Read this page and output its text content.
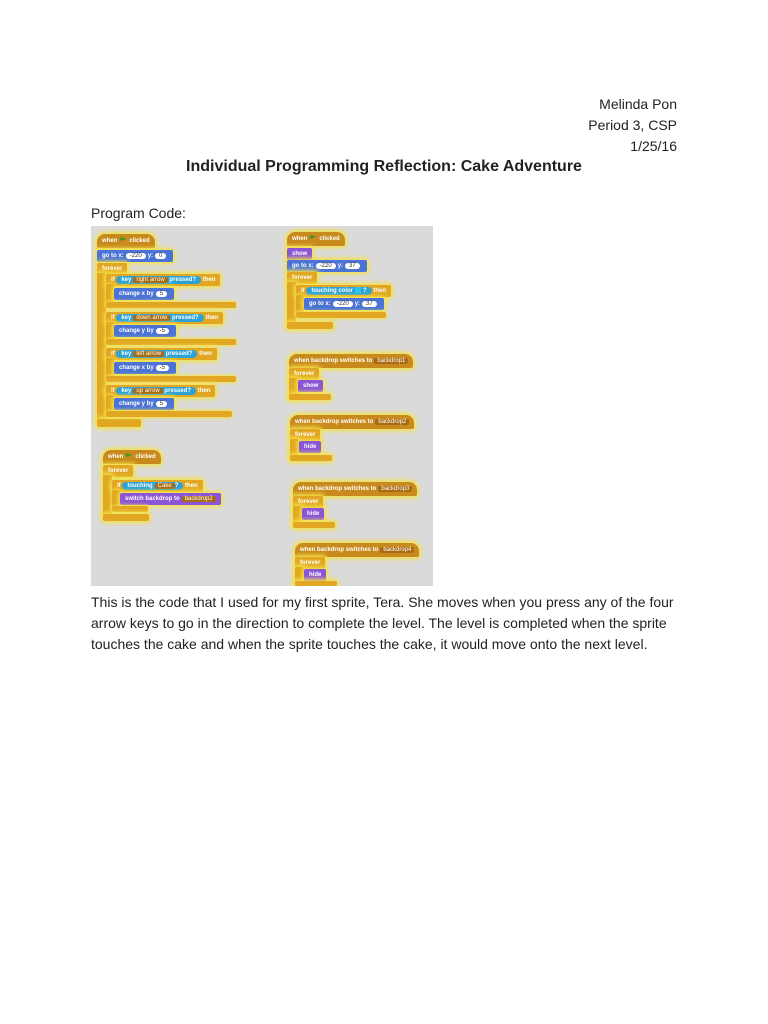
Melinda Pon
Period 3, CSP
1/25/16
Individual Programming Reflection: Cake Adventure
Program Code:
when clicked
go to x: -220 y: 0
forever
if key right arrow pressed? then
change x by 5
if key down arrow pressed? then
change y by -5
if key left arrow pressed? then
change x by -5
if key up arrow pressed? then
change y by 5
when clicked
forever
if touching Cake ? then
switch backdrop to backdrop2
when clicked
show
go to x: -220 y: 37
forever
if touching color ? then
go to x: -220 y: 37
when backdrop switches to backdrop1
forever
show
when backdrop switches to backdrop2
forever
hide
when backdrop switches to backdrop3
forever
hide
when backdrop switches to backdrop4
forever
hide
This is the code that I used for my first sprite, Tera. She moves when you press any of the four arrow keys to go in the direction to complete the level. The level is completed when the sprite touches the cake and when the sprite touches the cake, it would move onto the next level.
